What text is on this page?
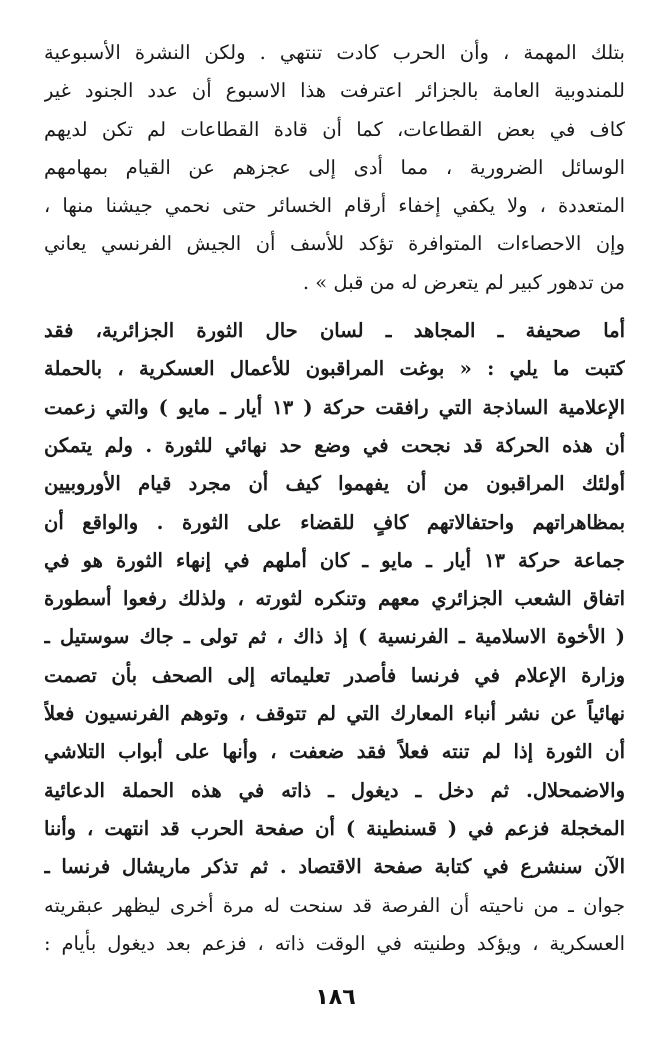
بتلك المهمة ، وأن الحرب كادت تنتهي . ولكن النشرة الأسبوعية
للمندوبية العامة بالجزائر اعترفت هذا الاسبوع أن عدد الجنود غير
كاف في بعض القطاعات، كما أن قادة القطاعات لم تكن لديهم
الوسائل الضرورية ، مما أدى إلى عجزهم عن القيام بمهامهم
المتعددة ، ولا يكفي إخفاء أرقام الخسائر حتى نحمي جيشنا منها ،
وإن الاحصاءات المتوافرة تؤكد للأسف أن الجيش الفرنسي يعاني
من تدهور كبير لم يتعرض له من قبل » .

أما صحيفة ـ المجاهد ـ لسان حال الثورة الجزائرية، فقد
كتبت ما يلي : « بوغت المراقبون للأعمال العسكرية ، بالحملة
الإعلامية الساذجة التي رافقت حركة ( ١٣ أيار ـ مايو ) والتي زعمت
أن هذه الحركة قد نجحت في وضع حد نهائي للثورة . ولم يتمكن
أولئك المراقبون من أن يفهموا كيف أن مجرد قيام الأوروبيين
بمظاهراتهم واحتفالاتهم كافٍ للقضاء على الثورة . والواقع أن
جماعة حركة ١٣ أيار ـ مايو ـ كان أملهم في إنهاء الثورة هو في
اتفاق الشعب الجزائري معهم وتنكره لثورته ، ولذلك رفعوا أسطورة
( الأخوة الاسلامية ـ الفرنسية ) إذ ذاك ، ثم تولى ـ جاك سوستيل ـ
وزارة الإعلام في فرنسا فأصدر تعليماته إلى الصحف بأن تصمت
نهائياً عن نشر أنباء المعارك التي لم تتوقف ، وتوهم الفرنسيون فعلاً
أن الثورة إذا لم تنته فعلاً فقد ضعفت ، وأنها على أبواب التلاشي
والاضمحلال. ثم دخل ـ ديغول ـ ذاته في هذه الحملة الدعائية
المخجلة فزعم في ( قسنطينة ) أن صفحة الحرب قد انتهت ، وأننا
الآن سنشرع في كتابة صفحة الاقتصاد . ثم تذكر ماريشال فرنسا ـ

جوان ـ من ناحيته أن الفرصة قد سنحت له مرة أخرى ليظهر عبقريته
العسكرية ، ويؤكد وطنيته في الوقت ذاته ، فزعم بعد ديغول بأيام :

١٨٦
